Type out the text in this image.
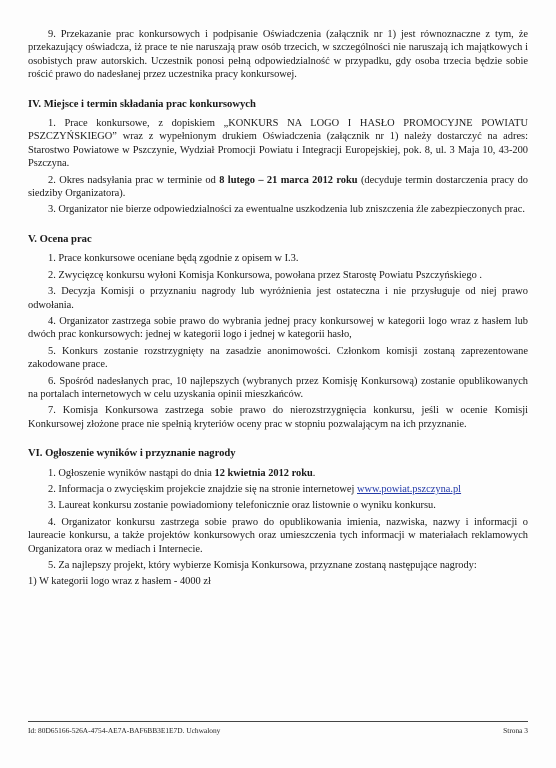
9. Przekazanie prac konkursowych i podpisanie Oświadczenia (załącznik nr 1) jest równoznaczne z tym, że przekazujący oświadcza, iż prace te nie naruszają praw osób trzecich, w szczególności nie naruszają ich majątkowych i osobistych praw autorskich. Uczestnik ponosi pełną odpowiedzialność w przypadku, gdy osoba trzecia będzie sobie rościć prawo do nadesłanej przez uczestnika pracy konkursowej.

IV. Miejsce i termin składania prac konkursowych

1. Prace konkursowe, z dopiskiem „KONKURS NA LOGO I HASŁO PROMOCYJNE POWIATU PSZCZYŃSKIEGO” wraz z wypełnionym drukiem Oświadczenia (załącznik nr 1) należy dostarczyć na adres: Starostwo Powiatowe w Pszczynie, Wydział Promocji Powiatu i Integracji Europejskiej, pok. 8, ul. 3 Maja 10, 43-200 Pszczyna.

2. Okres nadsyłania prac w terminie od 8 lutego – 21 marca 2012 roku (decyduje termin dostarczenia pracy do siedziby Organizatora).

3. Organizator nie bierze odpowiedzialności za ewentualne uszkodzenia lub zniszczenia źle zabezpieczonych prac.

V. Ocena prac

1. Prace konkursowe oceniane będą zgodnie z opisem w I.3.

2. Zwycięzcę konkursu wyłoni Komisja Konkursowa, powołana przez Starostę Powiatu Pszczyńskiego .

3. Decyzja Komisji o przyznaniu nagrody lub wyróżnienia jest ostateczna i nie przysługuje od niej prawo odwołania.

4. Organizator zastrzega sobie prawo do wybrania jednej pracy konkursowej w kategorii logo wraz z hasłem lub dwóch prac konkursowych: jednej w kategorii logo i jednej w kategorii hasło,

5. Konkurs zostanie rozstrzygnięty na zasadzie anonimowości. Członkom komisji zostaną zaprezentowane zakodowane prace.

6. Spośród nadesłanych prac, 10 najlepszych (wybranych przez Komisję Konkursową) zostanie opublikowanych na portalach internetowych w celu uzyskania opinii mieszkańców.

7. Komisja Konkursowa zastrzega sobie prawo do nierozstrzygnięcia konkursu, jeśli w ocenie Komisji Konkursowej złożone prace nie spełnią kryteriów oceny prac w stopniu pozwalającym na ich przyznanie.

VI. Ogłoszenie wyników i przyznanie nagrody

1. Ogłoszenie wyników nastąpi do dnia 12 kwietnia 2012 roku.

2. Informacja o zwycięskim projekcie znajdzie się na stronie internetowej www.powiat.pszczyna.pl

3. Laureat konkursu zostanie powiadomiony telefonicznie oraz listownie o wyniku konkursu.

4. Organizator konkursu zastrzega sobie prawo do opublikowania imienia, nazwiska, nazwy i informacji o laureacie konkursu, a także projektów konkursowych oraz umieszczenia tych informacji w materiałach reklamowych Organizatora oraz w mediach i Internecie.

5. Za najlepszy projekt, który wybierze Komisja Konkursowa, przyznane zostaną następujące nagrody:

1) W kategorii logo wraz z hasłem - 4000 zł

Id: 80D65166-526A-4754-AE7A-BAF6BB3E1E7D. Uchwalony	Strona 3
